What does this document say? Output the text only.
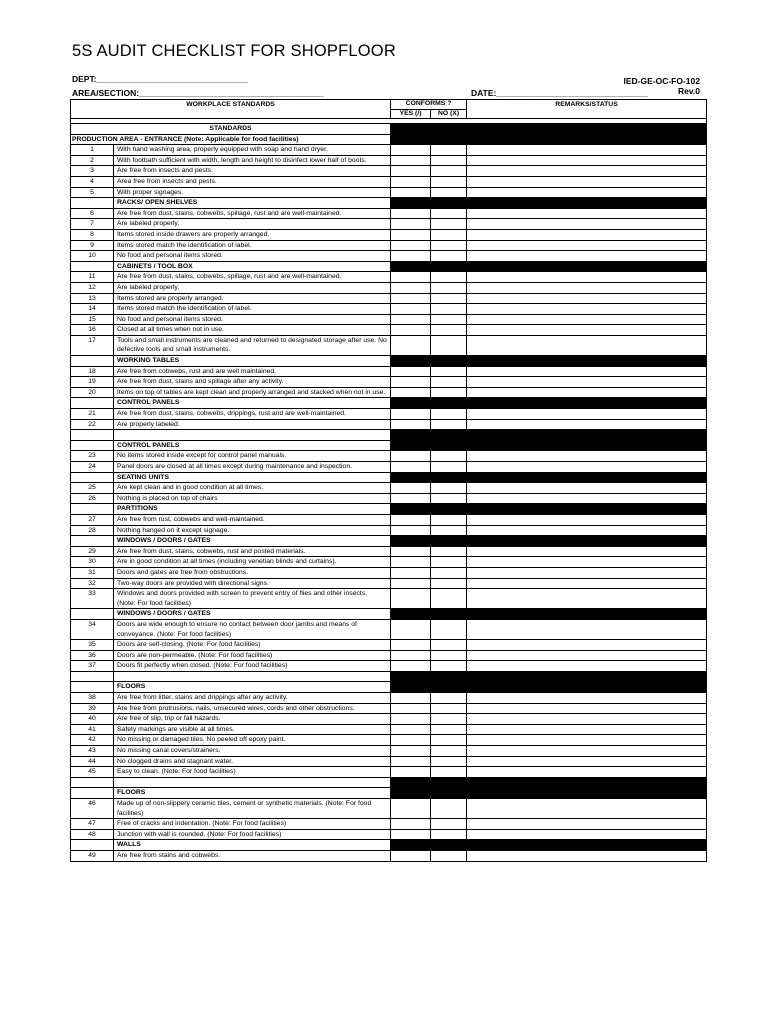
5S AUDIT CHECKLIST FOR SHOPFLOOR
DEPT:________________________________
AREA/SECTION:_______________________________________
IED-GE-OC-FO-102
DATE:________________________________	Rev.0
WORKPLACE STANDARDS		CONFORMS ?		REMARKS/STATUS
		YES (/)	NO (X)	

STANDARDS				
PRODUCTION AREA - ENTRANCE (Note: Applicable for food facilities)				
1	With hand washing area, properly equipped with soap and hand dryer.			
2	With footbath sufficient with width, length and height to disinfect lower half of boots.			
3	Are free from insects and pests.			
4	Area free from insects and pests.			
5	With proper signages.			
	RACKS/ OPEN SHELVES			
6	Are free from dust, stains, cobwebs, spillage, rust and are well-maintained.			
7	Are labeled properly.			
8	Items stored inside drawers are properly arranged.			
9	Items stored match the identification of label.			
10	No food and personal items stored.			
	CABINETS / TOOL BOX			
11	Are free from dust, stains, cobwebs, spillage, rust and are well-maintained.			
12	Are labeled properly.			
13	Items stored are properly arranged.			
14	Items stored match the identification of label.			
15	No food and personal items stored.			
16	Closed at all times when not in use.			
17	Tools and small instruments are cleaned and returned to designated storage after use. No defective tools and small instruments.			
	WORKING TABLES			
18	Are free from cobwebs, rust and are well maintained.			
19	Are free from dust, stains and spillage after any activity.			
20	Items on top of tables are kept clean and properly arranged and stacked when not in use.			
	CONTROL PANELS			
21	Are free from dust, stains, cobwebs, drippings, rust and are well-maintained.			
22	Are properly labeled.			

	CONTROL PANELS			
23	No items stored inside except for control panel manuals.			
24	Panel doors are closed at all times except during maintenance and inspection.			
	SEATING UNITS			
25	Are kept clean and in good condition at all times.			
26	Nothing is placed on top of chairs			
	PARTITIONS			
27	Are free from rust, cobwebs and well-maintained.			
28	Nothing hanged on it except signage.			
	WINDOWS / DOORS / GATES			
29	Are free from dust, stains, cobwebs, rust and posted materials.			
30	Are in good condition at all times (including venetian blinds and curtains).			
31	Doors and gates are free from obstructions.			
32	Two-way doors are provided with directional signs.			
33	Windows and doors provided with screen to prevent entry of flies and other insects. (Note: For food facilities)			
	WINDOWS / DOORS / GATES			
34	Doors are wide enough to ensure no contact between door jambs and means of conveyance. (Note: For food facilities)			
35	Doors are self-closing. (Note: For food facilities)			
36	Doors are non-permeable. (Note: For food facilities)			
37	Doors fit perfectly when closed. (Note: For food facilities)			

	FLOORS			
38	Are free from litter, stains and drippings after any activity.			
39	Are free from protrusions, nails, unsecured wires, cords and other obstructions.			
40	Are free of slip, trip or fall hazards.			
41	Safety markings are visible at all times.			
42	No missing or damaged tiles. No peeled off epoxy paint.			
43	No missing canal covers/strainers.			
44	No clogged drains and stagnant water.			
45	Easy to clean. (Note: For food facilities)			

	FLOORS			
46	Made up of non-slippery ceramic tiles, cement or synthetic materials. (Note: For food facilities)			
47	Free of cracks and indentation. (Note: For food facilities)			
48	Junction with wall is rounded. (Note: For food facilities)			
	WALLS			
49	Are free from stains and cobwebs.			
